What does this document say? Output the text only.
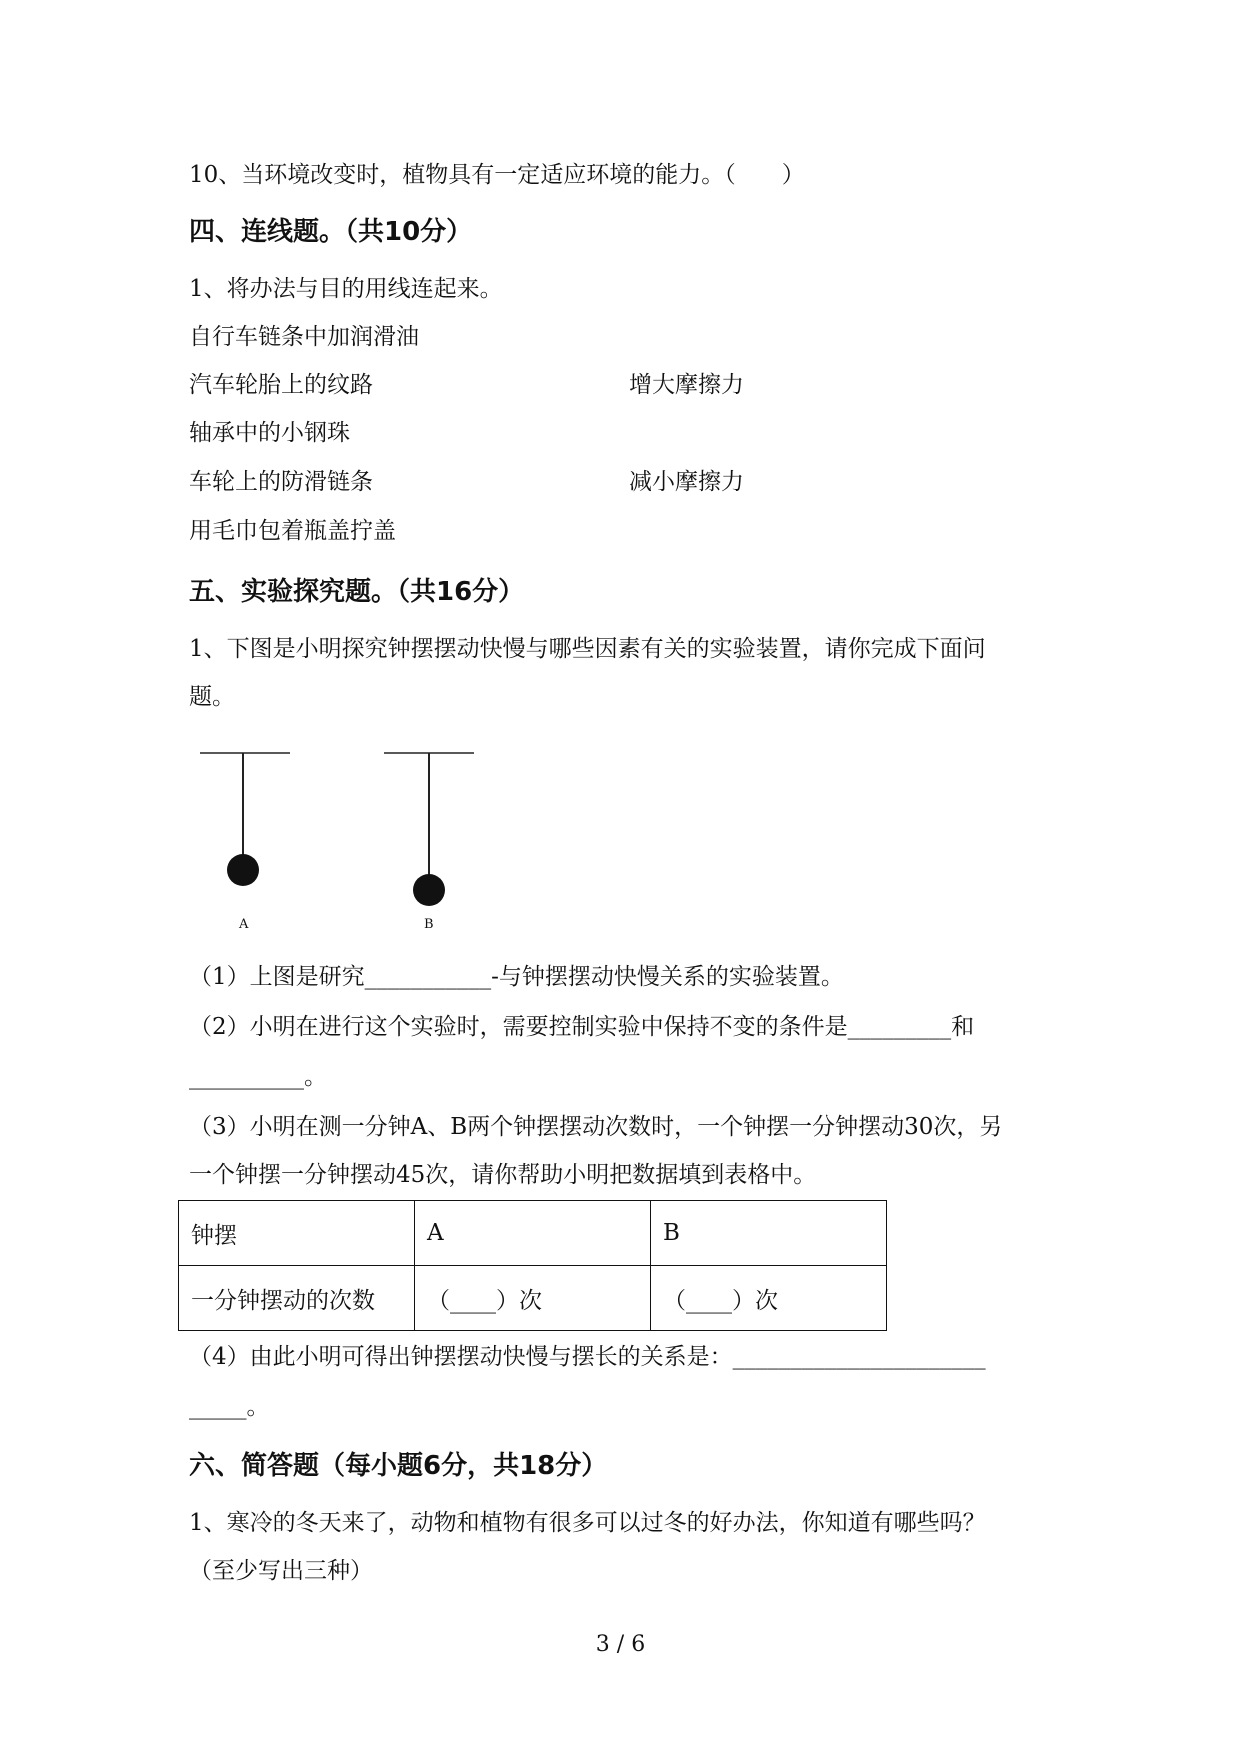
10、当环境改变时，植物具有一定适应环境的能力。（　　）
四、连线题。（共10分）
1、将办法与目的用线连起来。
自行车链条中加润滑油
汽车轮胎上的纹路	增大摩擦力
轴承中的小钢珠
车轮上的防滑链条	减小摩擦力
用毛巾包着瓶盖拧盖
五、实验探究题。（共16分）
1、下图是小明探究钟摆摆动快慢与哪些因素有关的实验装置，请你完成下面问
题。
A	B
（1）上图是研究___________-与钟摆摆动快慢关系的实验装置。
（2）小明在进行这个实验时，需要控制实验中保持不变的条件是_________和
__________。
（3）小明在测一分钟A、B两个钟摆摆动次数时，一个钟摆一分钟摆动30次，另
一个钟摆一分钟摆动45次，请你帮助小明把数据填到表格中。
钟摆	A	B
一分钟摆动的次数	（____）次	（____）次
（4）由此小明可得出钟摆摆动快慢与摆长的关系是：______________________
_____。
六、简答题（每小题6分，共18分）
1、寒冷的冬天来了，动物和植物有很多可以过冬的好办法，你知道有哪些吗？
（至少写出三种）
3 / 6
